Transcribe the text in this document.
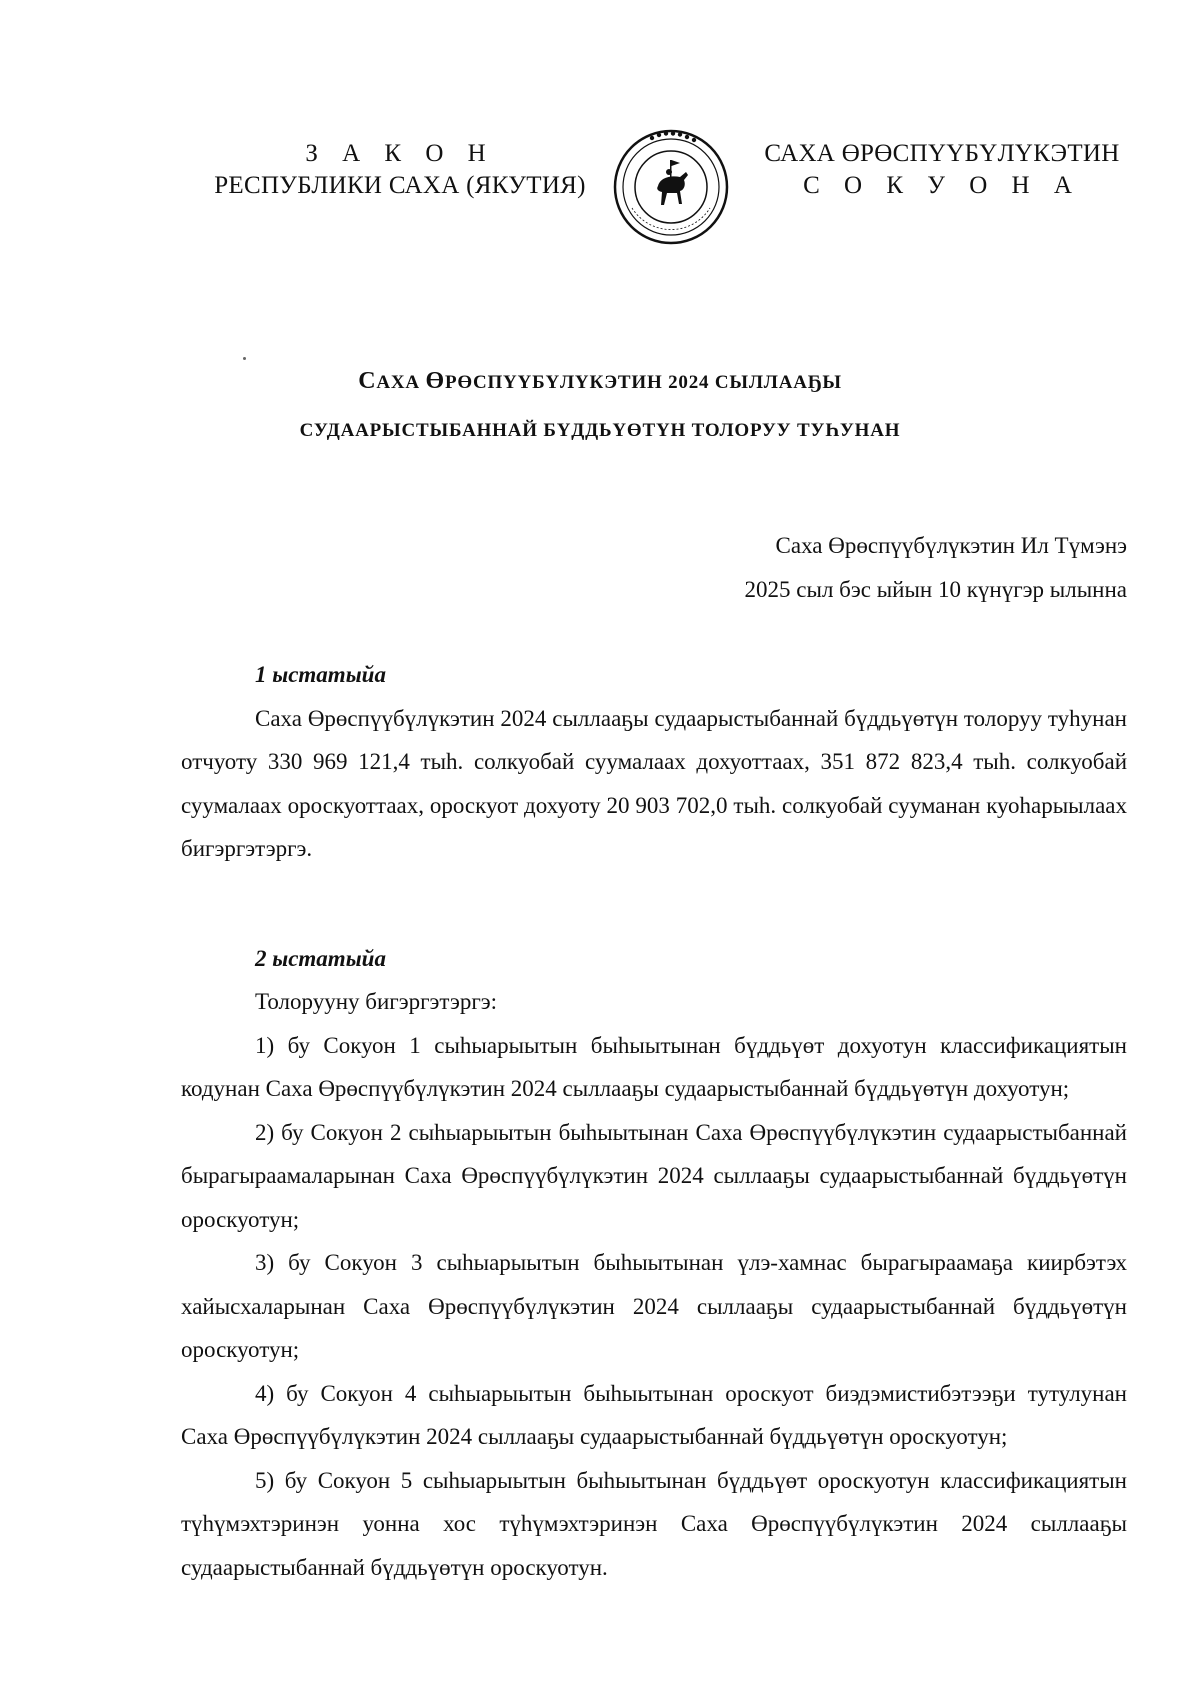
З А К О Н
РЕСПУБЛИКИ САХА (ЯКУТИЯ)
САХА ӨРӨСПҮҮБҮЛҮКЭТИН
С О К У О Н А
САХА ӨРӨСПҮҮБҮЛҮКЭТИН 2024 СЫЛЛААҔЫ
СУДААРЫСТЫБАННАЙ БҮДДЬҮӨТҮН ТОЛОРУУ ТУҺУНАН
Саха Өрөспүүбүлүкэтин Ил Түмэнэ
2025 сыл бэс ыйын 10 күнүгэр ылынна

1 ыстатыйа

Саха Өрөспүүбүлүкэтин 2024 сыллааҕы судаарыстыбаннай бүддьүөтүн толоруу туһунан отчуоту 330 969 121,4 тыһ. солкуобай суумалаах дохуоттаах, 351 872 823,4 тыһ. солкуобай суумалаах ороскуоттаах, ороскуот дохуоту 20 903 702,0 тыһ. солкуобай сууманан куоһарыылаах бигэргэтэргэ.

2 ыстатыйа

Толорууну бигэргэтэргэ:

1) бу Сокуон 1 сыһыарыытын быһыытынан бүддьүөт дохуотун классификациятын кодунан Саха Өрөспүүбүлүкэтин 2024 сыллааҕы судаарыстыбаннай бүддьүөтүн дохуотун;

2) бу Сокуон 2 сыһыарыытын быһыытынан Саха Өрөспүүбүлүкэтин судаарыстыбаннай бырагыраамаларынан Саха Өрөспүүбүлүкэтин 2024 сыллааҕы судаарыстыбаннай бүддьүөтүн ороскуотун;

3) бу Сокуон 3 сыһыарыытын быһыытынан үлэ-хамнас бырагыраамаҕа киирбэтэх хайысхаларынан Саха Өрөспүүбүлүкэтин 2024 сыллааҕы судаарыстыбаннай бүддьүөтүн ороскуотун;

4) бу Сокуон 4 сыһыарыытын быһыытынан ороскуот биэдэмистибэтээҕи тутулунан Саха Өрөспүүбүлүкэтин 2024 сыллааҕы судаарыстыбаннай бүддьүөтүн ороскуотун;

5) бу Сокуон 5 сыһыарыытын быһыытынан бүддьүөт ороскуотун классификациятын түһүмэхтэринэн уонна хос түһүмэхтэринэн Саха Өрөспүүбүлүкэтин 2024 сыллааҕы судаарыстыбаннай бүддьүөтүн ороскуотун.
